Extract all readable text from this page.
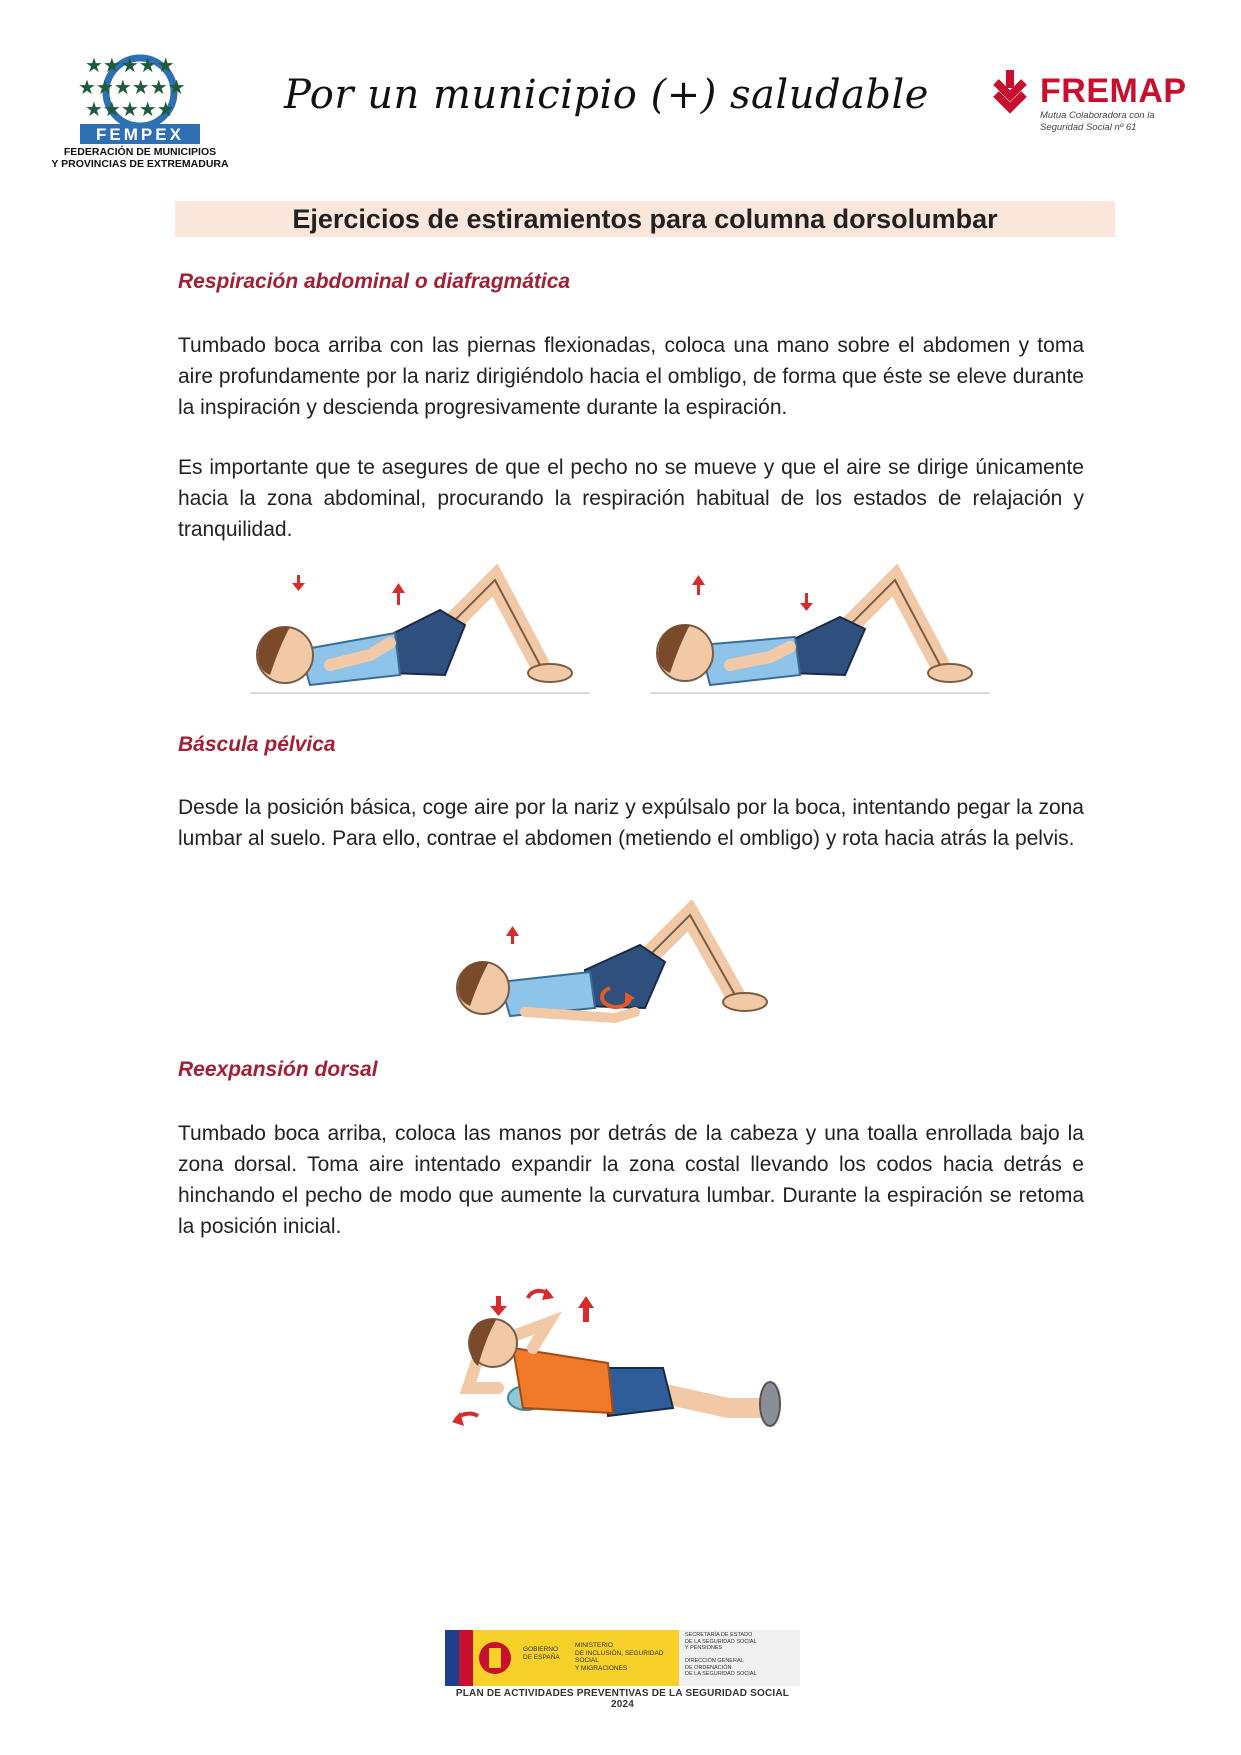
★★★★★
★★★★★★
★★★★★
FEMPEX
FEDERACIÓN DE MUNICIPIOS
Y PROVINCIAS DE EXTREMADURA
Por un municipio (+) saludable	FREMAP
Mutua Colaboradora con la
Seguridad Social nº 61
Ejercicios de estiramientos para columna dorsolumbar
Respiración abdominal o diafragmática
Tumbado boca arriba con las piernas flexionadas, coloca una mano sobre el abdomen y toma aire profundamente por la nariz dirigiéndolo hacia el ombligo, de forma que éste se eleve durante la inspiración y descienda progresivamente durante la espiración.
Es importante que te asegures de que el pecho no se mueve y que el aire se dirige únicamente hacia la zona abdominal, procurando la respiración habitual de los estados de relajación y tranquilidad.
Báscula pélvica
Desde la posición básica, coge aire por la nariz y expúlsalo por la boca, intentando pegar la zona lumbar al suelo. Para ello, contrae el abdomen (metiendo el ombligo) y rota hacia atrás la pelvis.
Reexpansión dorsal
Tumbado boca arriba, coloca las manos por detrás de la cabeza y una toalla enrollada bajo la zona dorsal. Toma aire intentado expandir la zona costal llevando los codos hacia detrás e hinchando el pecho de modo que aumente la curvatura lumbar. Durante la espiración se retoma la posición inicial.
GOBIERNO
DE ESPAÑA
MINISTERIO
DE INCLUSIÓN, SEGURIDAD SOCIAL
Y MIGRACIONES
SECRETARÍA DE ESTADO
DE LA SEGURIDAD SOCIAL
Y PENSIONES
DIRECCIÓN GENERAL
DE ORDENACIÓN
DE LA SEGURIDAD SOCIAL
PLAN DE ACTIVIDADES PREVENTIVAS DE LA SEGURIDAD SOCIAL 2024
